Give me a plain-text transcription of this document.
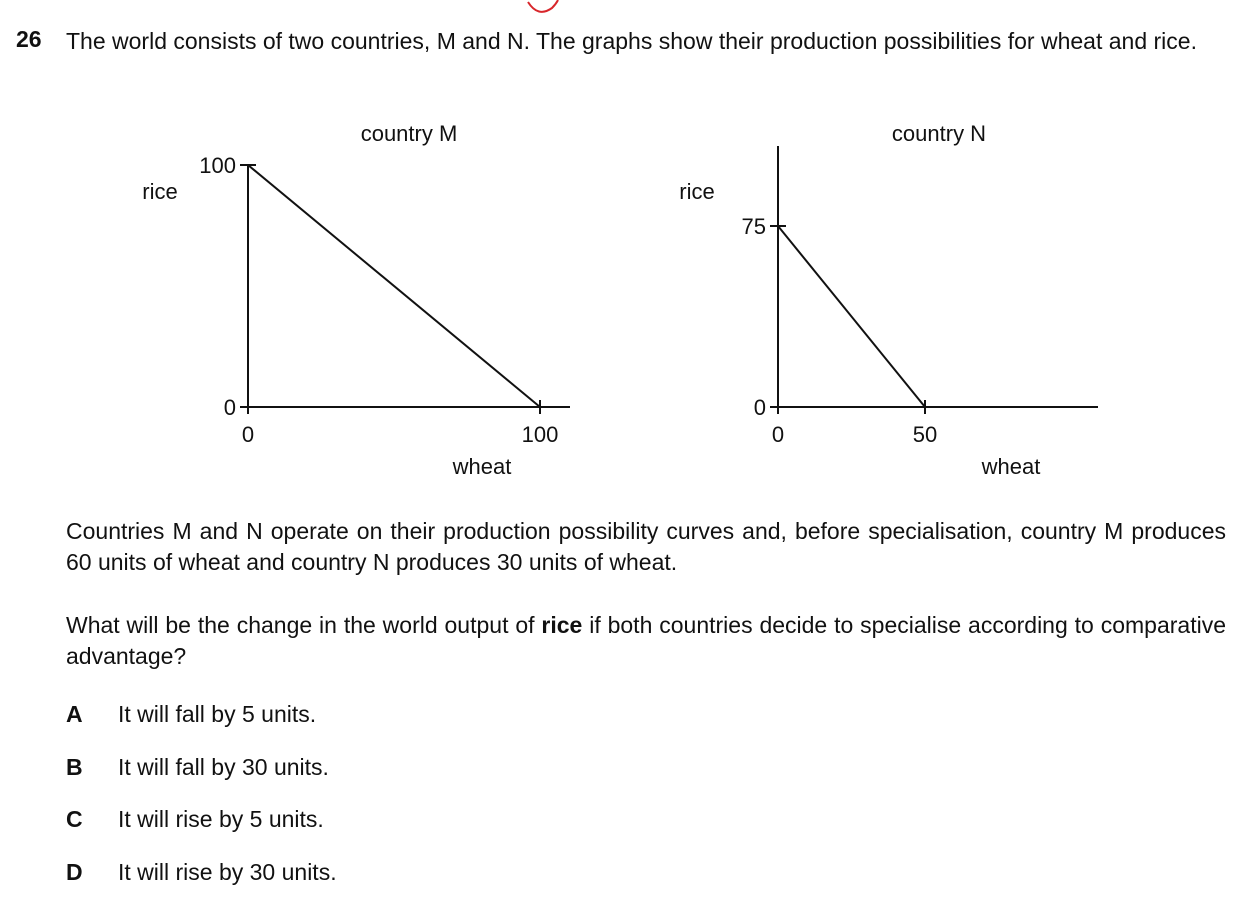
26 The world consists of two countries, M and N. The graphs show their production possibilities for wheat and rice.
country M
rice
wheat
100
0
0	100
country N
rice
wheat
75
0
0	50
Countries M and N operate on their production possibility curves and, before specialisation, country M produces 60 units of wheat and country N produces 30 units of wheat.
What will be the change in the world output of rice if both countries decide to specialise according to comparative advantage?
A It will fall by 5 units.
B It will fall by 30 units.
C It will rise by 5 units.
D It will rise by 30 units.
